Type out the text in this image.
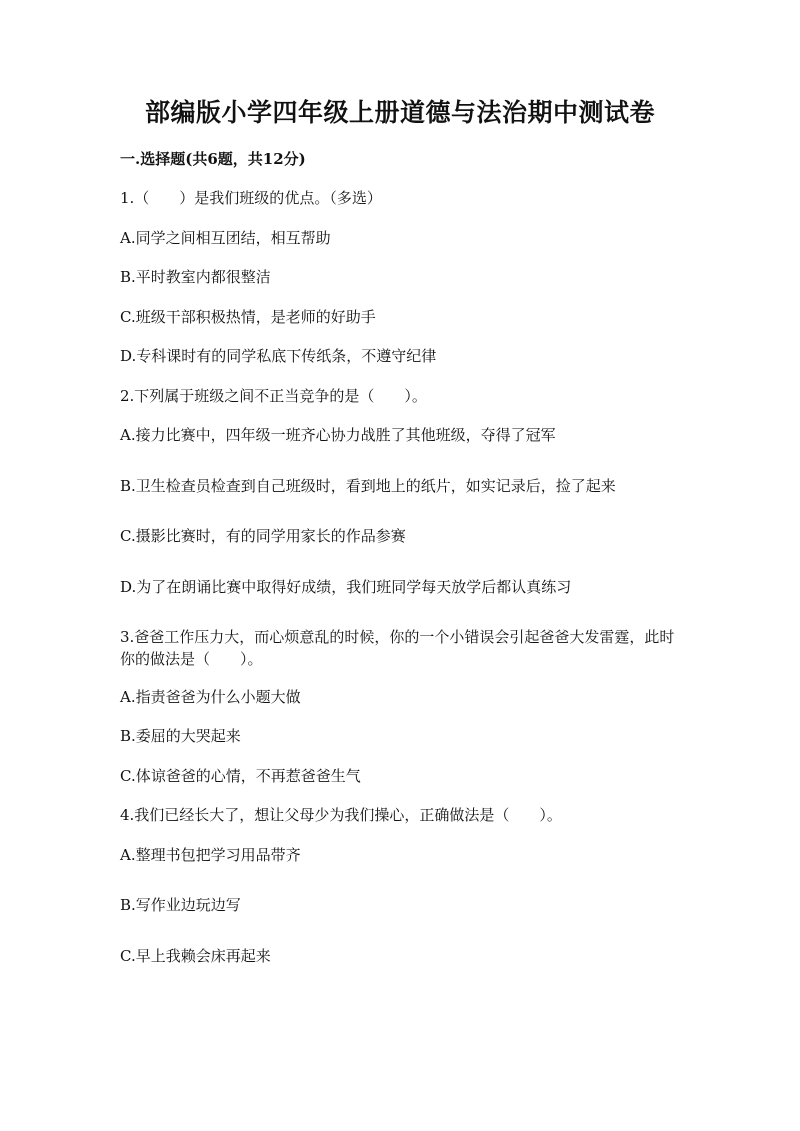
部编版小学四年级上册道德与法治期中测试卷
一.选择题(共6题，共12分)
1.（　　）是我们班级的优点。（多选）
A.同学之间相互团结，相互帮助
B.平时教室内都很整洁
C.班级干部积极热情，是老师的好助手
D.专科课时有的同学私底下传纸条，不遵守纪律
2.下列属于班级之间不正当竞争的是（　　）。
A.接力比赛中，四年级一班齐心协力战胜了其他班级，夺得了冠军
B.卫生检查员检查到自己班级时，看到地上的纸片，如实记录后，捡了起来
C.摄影比赛时，有的同学用家长的作品参赛
D.为了在朗诵比赛中取得好成绩，我们班同学每天放学后都认真练习
3.爸爸工作压力大，而心烦意乱的时候，你的一个小错误会引起爸爸大发雷霆，此时你的做法是（　　）。
A.指责爸爸为什么小题大做
B.委屈的大哭起来
C.体谅爸爸的心情，不再惹爸爸生气
4.我们已经长大了，想让父母少为我们操心，正确做法是（　　）。
A.整理书包把学习用品带齐
B.写作业边玩边写
C.早上我赖会床再起来
